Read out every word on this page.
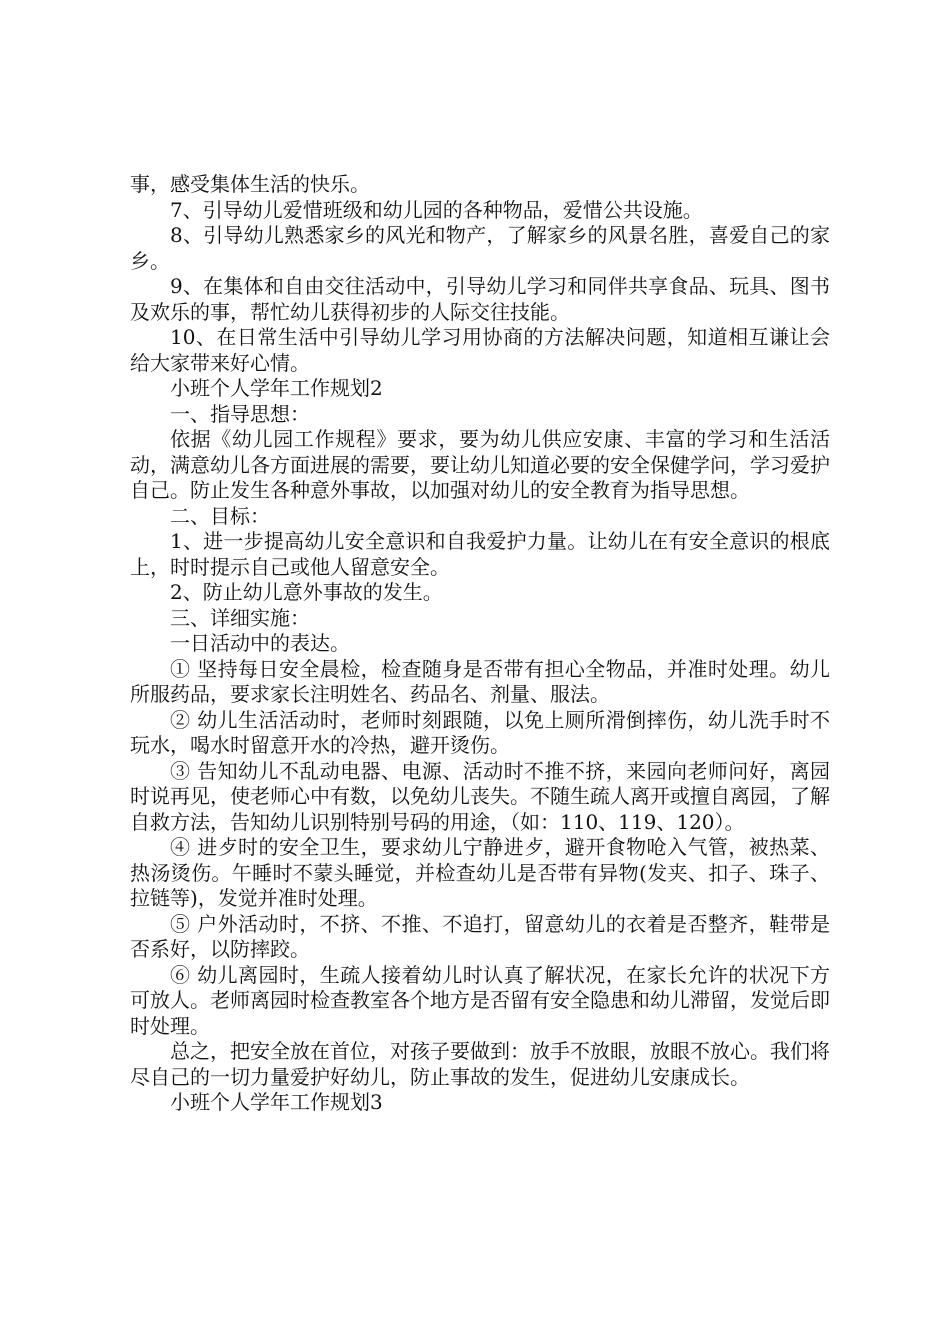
事，感受集体生活的快乐。

7、引导幼儿爱惜班级和幼儿园的各种物品，爱惜公共设施。

8、引导幼儿熟悉家乡的风光和物产，了解家乡的风景名胜，喜爱自己的家乡。

9、在集体和自由交往活动中，引导幼儿学习和同伴共享食品、玩具、图书及欢乐的事，帮忙幼儿获得初步的人际交往技能。

10、在日常生活中引导幼儿学习用协商的方法解决问题，知道相互谦让会给大家带来好心情。

小班个人学年工作规划2

一、指导思想：

依据《幼儿园工作规程》要求，要为幼儿供应安康、丰富的学习和生活活动，满意幼儿各方面进展的需要，要让幼儿知道必要的安全保健学问，学习爱护自己。防止发生各种意外事故，以加强对幼儿的安全教育为指导思想。

二、目标：

1、进一步提高幼儿安全意识和自我爱护力量。让幼儿在有安全意识的根底上，时时提示自己或他人留意安全。

2、防止幼儿意外事故的发生。

三、详细实施：

一日活动中的表达。

① 坚持每日安全晨检，检查随身是否带有担心全物品，并准时处理。幼儿所服药品，要求家长注明姓名、药品名、剂量、服法。

② 幼儿生活活动时，老师时刻跟随，以免上厕所滑倒摔伤，幼儿洗手时不玩水，喝水时留意开水的冷热，避开烫伤。

③ 告知幼儿不乱动电器、电源、活动时不推不挤，来园向老师问好，离园时说再见，使老师心中有数，以免幼儿丧失。不随生疏人离开或擅自离园，了解自救方法，告知幼儿识别特别号码的用途，（如：110、119、120）。

④ 进歺时的安全卫生，要求幼儿宁静进歺，避开食物呛入气管，被热菜、热汤烫伤。午睡时不蒙头睡觉，并检查幼儿是否带有异物(发夹、扣子、珠子、拉链等)，发觉并准时处理。

⑤ 户外活动时，不挤、不推、不追打，留意幼儿的衣着是否整齐，鞋带是否系好，以防摔跤。

⑥ 幼儿离园时，生疏人接着幼儿时认真了解状况，在家长允许的状况下方可放人。老师离园时检查教室各个地方是否留有安全隐患和幼儿滞留，发觉后即时处理。

总之，把安全放在首位，对孩子要做到：放手不放眼，放眼不放心。我们将尽自己的一切力量爱护好幼儿，防止事故的发生，促进幼儿安康成长。

小班个人学年工作规划3
